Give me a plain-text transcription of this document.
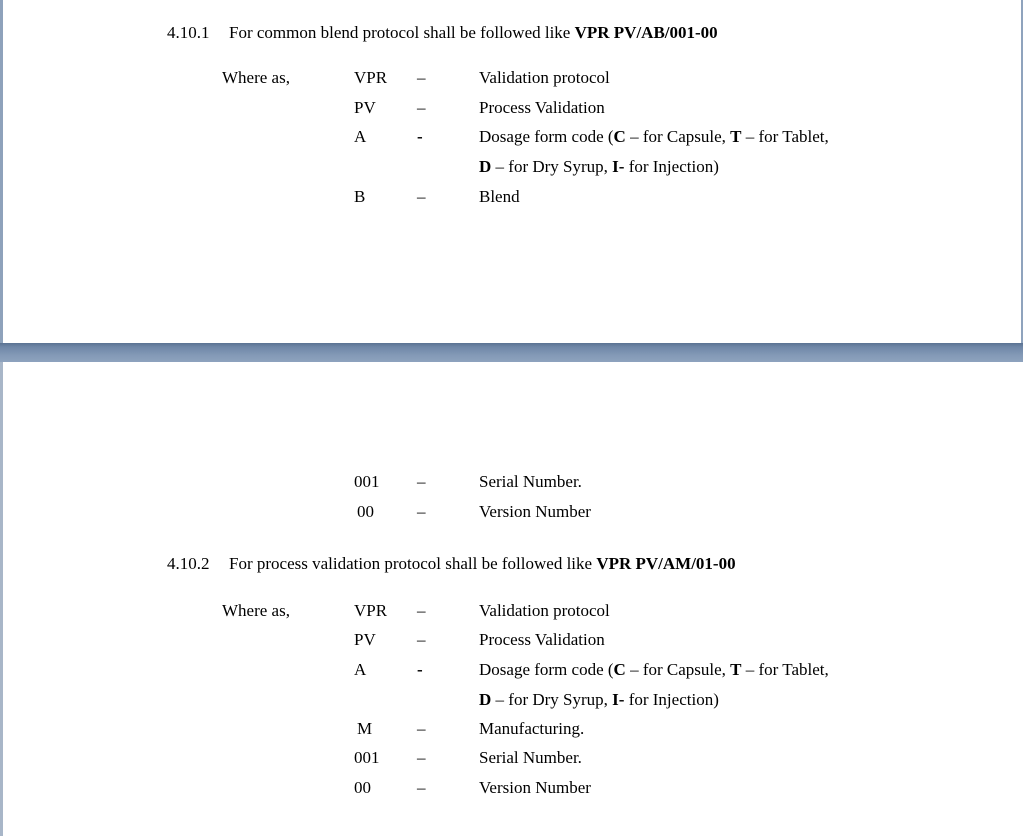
4.10.1 For common blend protocol shall be followed like VPR PV/AB/001-00
Where as,	VPR –	Validation protocol
PV –	Process Validation
A	-	Dosage form code (C – for Capsule, T – for Tablet,
D – for Dry Syrup, I- for Injection)
B	–	Blend
001 –	Serial Number.
00	–	Version Number
4.10.2 For process validation protocol shall be followed like VPR PV/AM/01-00
Where as,	VPR –	Validation protocol
PV –	Process Validation
A	-	Dosage form code (C – for Capsule, T – for Tablet,
D – for Dry Syrup, I- for Injection)
M	–	Manufacturing.
001 –	Serial Number.
00	–	Version Number
